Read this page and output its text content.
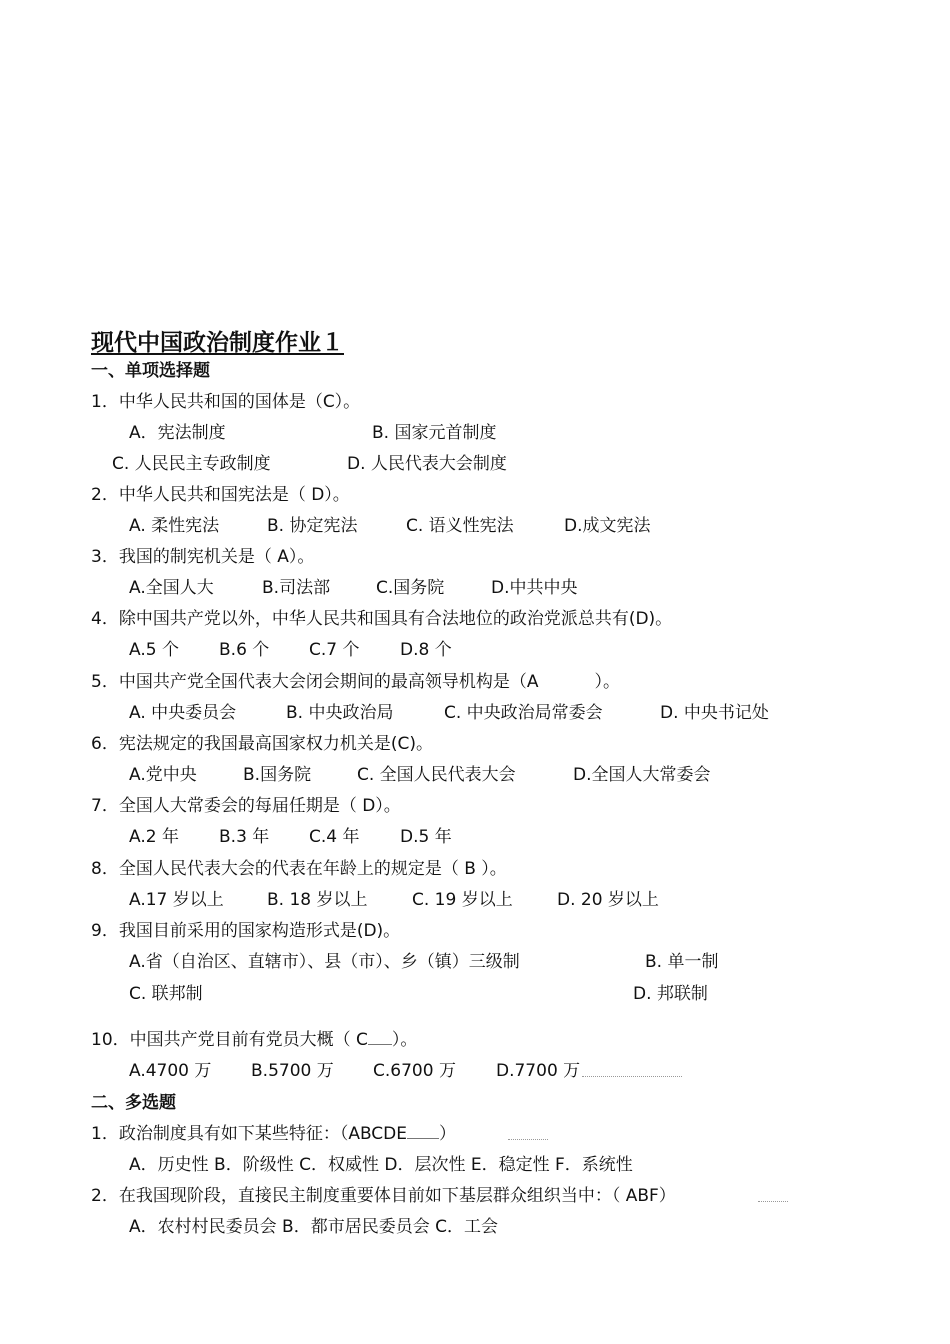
现代中国政治制度作业１
一、单项选择题
1．中华人民共和国的国体是（C）。
A．宪法制度	B. 国家元首制度
C. 人民民主专政制度	D. 人民代表大会制度
2．中华人民共和国宪法是（ D）。
A. 柔性宪法	B. 协定宪法	C. 语义性宪法	D.成文宪法
3．我国的制宪机关是（ A）。
A.全国人大	B.司法部	C.国务院	D.中共中央
4．除中国共产党以外，中华人民共和国具有合法地位的政治党派总共有(D)。
A.5 个 B.6 个 C.7 个 D.8 个
5．中国共产党全国代表大会闭会期间的最高领导机构是（A	）。
A. 中央委员会	B. 中央政治局	C. 中央政治局常委会	D. 中央书记处
6．宪法规定的我国最高国家权力机关是(C)。
A.党中央	B.国务院	C. 全国人民代表大会	D.全国人大常委会
7．全国人大常委会的每届任期是（ D）。
A.2 年 B.3 年 C.4 年 D.5 年
8．全国人民代表大会的代表在年龄上的规定是（ B ）。
A.17 岁以上	B. 18 岁以上	C. 19 岁以上	D. 20 岁以上
9．我国目前采用的国家构造形式是(D)。
A.省（自治区、直辖市）、县（市）、乡（镇）三级制	B. 单一制
C. 联邦制	D. 邦联制
10．中国共产党目前有党员大概（ C ）。
A.4700 万 B.5700 万 C.6700 万 D.7700 万
二、多选题
1．政治制度具有如下某些特征：（ABCDE ）
A．历史性 B．阶级性 C．权威性 D．层次性 E．稳定性 F．系统性
2．在我国现阶段，直接民主制度重要体目前如下基层群众组织当中：（ ABF）
A．农村村民委员会 B．都市居民委员会 C．工会
